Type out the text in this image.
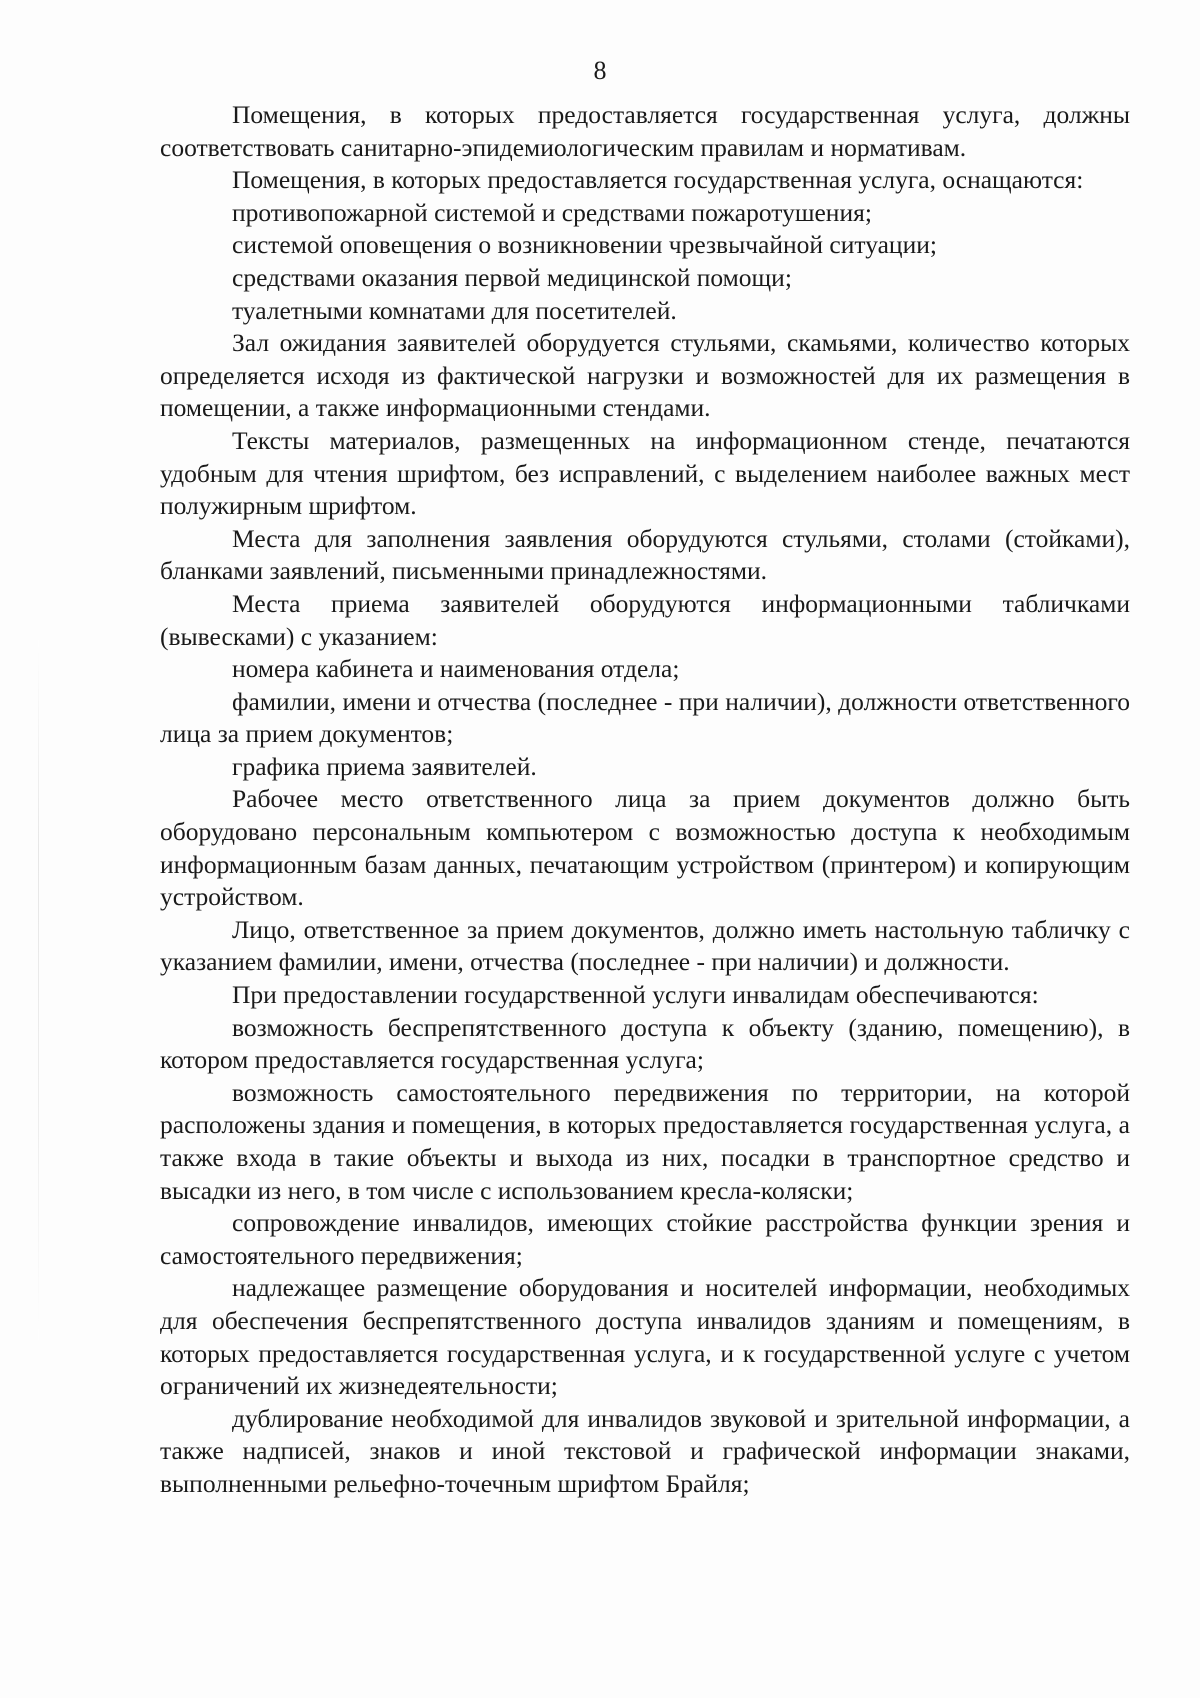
8

Помещения, в которых предоставляется государственная услуга, должны соответствовать санитарно-эпидемиологическим правилам и нормативам.

Помещения, в которых предоставляется государственная услуга, оснащаются:

противопожарной системой и средствами пожаротушения;

системой оповещения о возникновении чрезвычайной ситуации;

средствами оказания первой медицинской помощи;

туалетными комнатами для посетителей.

Зал ожидания заявителей оборудуется стульями, скамьями, количество которых определяется исходя из фактической нагрузки и возможностей для их размещения в помещении, а также информационными стендами.

Тексты материалов, размещенных на информационном стенде, печатаются удобным для чтения шрифтом, без исправлений, с выделением наиболее важных мест полужирным шрифтом.

Места для заполнения заявления оборудуются стульями, столами (стойками), бланками заявлений, письменными принадлежностями.

Места приема заявителей оборудуются информационными табличками (вывесками) с указанием:

номера кабинета и наименования отдела;

фамилии, имени и отчества (последнее - при наличии), должности ответственного лица за прием документов;

графика приема заявителей.

Рабочее место ответственного лица за прием документов должно быть оборудовано персональным компьютером с возможностью доступа к необходимым информационным базам данных, печатающим устройством (принтером) и копирующим устройством.

Лицо, ответственное за прием документов, должно иметь настольную табличку с указанием фамилии, имени, отчества (последнее - при наличии) и должности.

При предоставлении государственной услуги инвалидам обеспечиваются:

возможность беспрепятственного доступа к объекту (зданию, помещению), в котором предоставляется государственная услуга;

возможность самостоятельного передвижения по территории, на которой расположены здания и помещения, в которых предоставляется государственная услуга, а также входа в такие объекты и выхода из них, посадки в транспортное средство и высадки из него, в том числе с использованием кресла-коляски;

сопровождение инвалидов, имеющих стойкие расстройства функции зрения и самостоятельного передвижения;

надлежащее размещение оборудования и носителей информации, необходимых для обеспечения беспрепятственного доступа инвалидов зданиям и помещениям, в которых предоставляется государственная услуга, и к государственной услуге с учетом ограничений их жизнедеятельности;

дублирование необходимой для инвалидов звуковой и зрительной информации, а также надписей, знаков и иной текстовой и графической информации знаками, выполненными рельефно-точечным шрифтом Брайля;
